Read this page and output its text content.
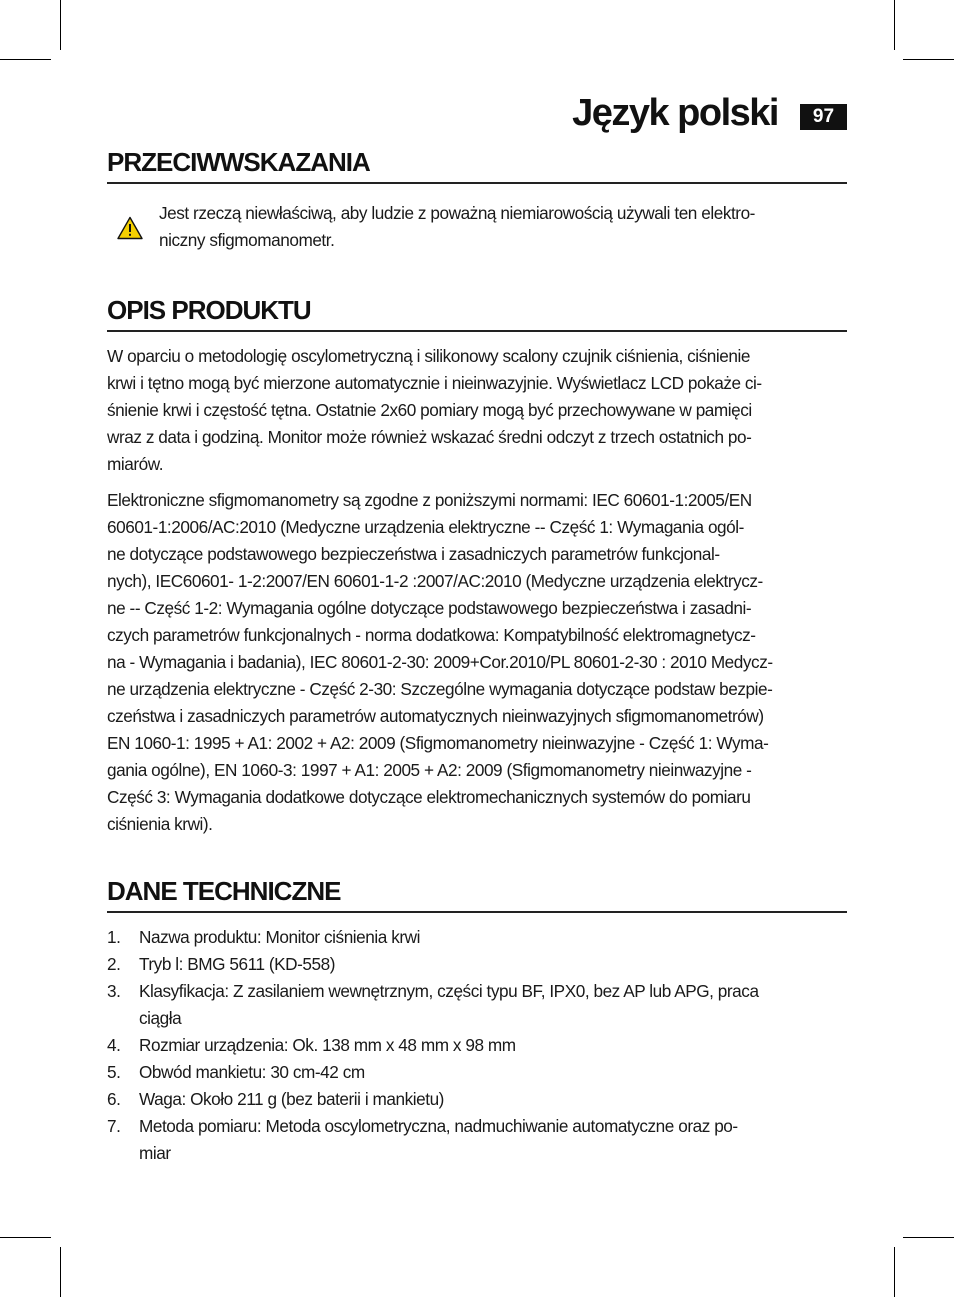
Język polski	97
PRZECIWWSKAZANIA

Jest rzeczą niewłaściwą, aby ludzie z poważną niemiarowością używali ten elektro-

niczny sfigmomanometr.

OPIS PRODUKTU

W oparciu o metodologię oscylometryczną i silikonowy scalony czujnik ciśnienia, ciśnienie

krwi i tętno mogą być mierzone automatycznie i nieinwazyjnie. Wyświetlacz LCD pokaże ci-

śnienie krwi i częstość tętna. Ostatnie 2x60 pomiary mogą być przechowywane w pamięci

wraz z data i godziną. Monitor może również wskazać średni odczyt z trzech ostatnich po-

miarów.

Elektroniczne sfigmomanometry są zgodne z poniższymi normami: IEC 60601-1:2005/EN

60601-1:2006/AC:2010 (Medyczne urządzenia elektryczne -- Część 1: Wymagania ogól-

ne dotyczące podstawowego bezpieczeństwa i zasadniczych parametrów funkcjonal-

nych), IEC60601- 1-2:2007/EN 60601-1-2 :2007/AC:2010 (Medyczne urządzenia elektrycz-

ne -- Część 1-2: Wymagania ogólne dotyczące podstawowego bezpieczeństwa i zasadni-

czych parametrów funkcjonalnych - norma dodatkowa: Kompatybilność elektromagnetycz-

na - Wymagania i badania), IEC 80601-2-30: 2009+Cor.2010/PL 80601-2-30 : 2010 Medycz-

ne urządzenia elektryczne - Część 2-30: Szczególne wymagania dotyczące podstaw bezpie-

czeństwa i zasadniczych parametrów automatycznych nieinwazyjnych sfigmomanometrów)

EN 1060-1: 1995 + A1: 2002 + A2: 2009 (Sfigmomanometry nieinwazyjne - Część 1: Wyma-

gania ogólne), EN 1060-3: 1997 + A1: 2005 + A2: 2009 (Sfigmomanometry nieinwazyjne -

Część 3: Wymagania dodatkowe dotyczące elektromechanicznych systemów do pomiaru

ciśnienia krwi).

DANE TECHNICZNE
1. Nazwa produktu: Monitor ciśnienia krwi

2. Tryb l: BMG 5611 (KD-558)

3. Klasyfikacja: Z zasilaniem wewnętrznym, części typu BF, IPX0, bez AP lub APG, praca

ciągła

4. Rozmiar urządzenia: Ok. 138 mm x 48 mm x 98 mm

5. Obwód mankietu: 30 cm-42 cm

6. Waga: Około 211 g (bez baterii i mankietu)

7. Metoda pomiaru: Metoda oscylometryczna, nadmuchiwanie automatyczne oraz po-

miar
